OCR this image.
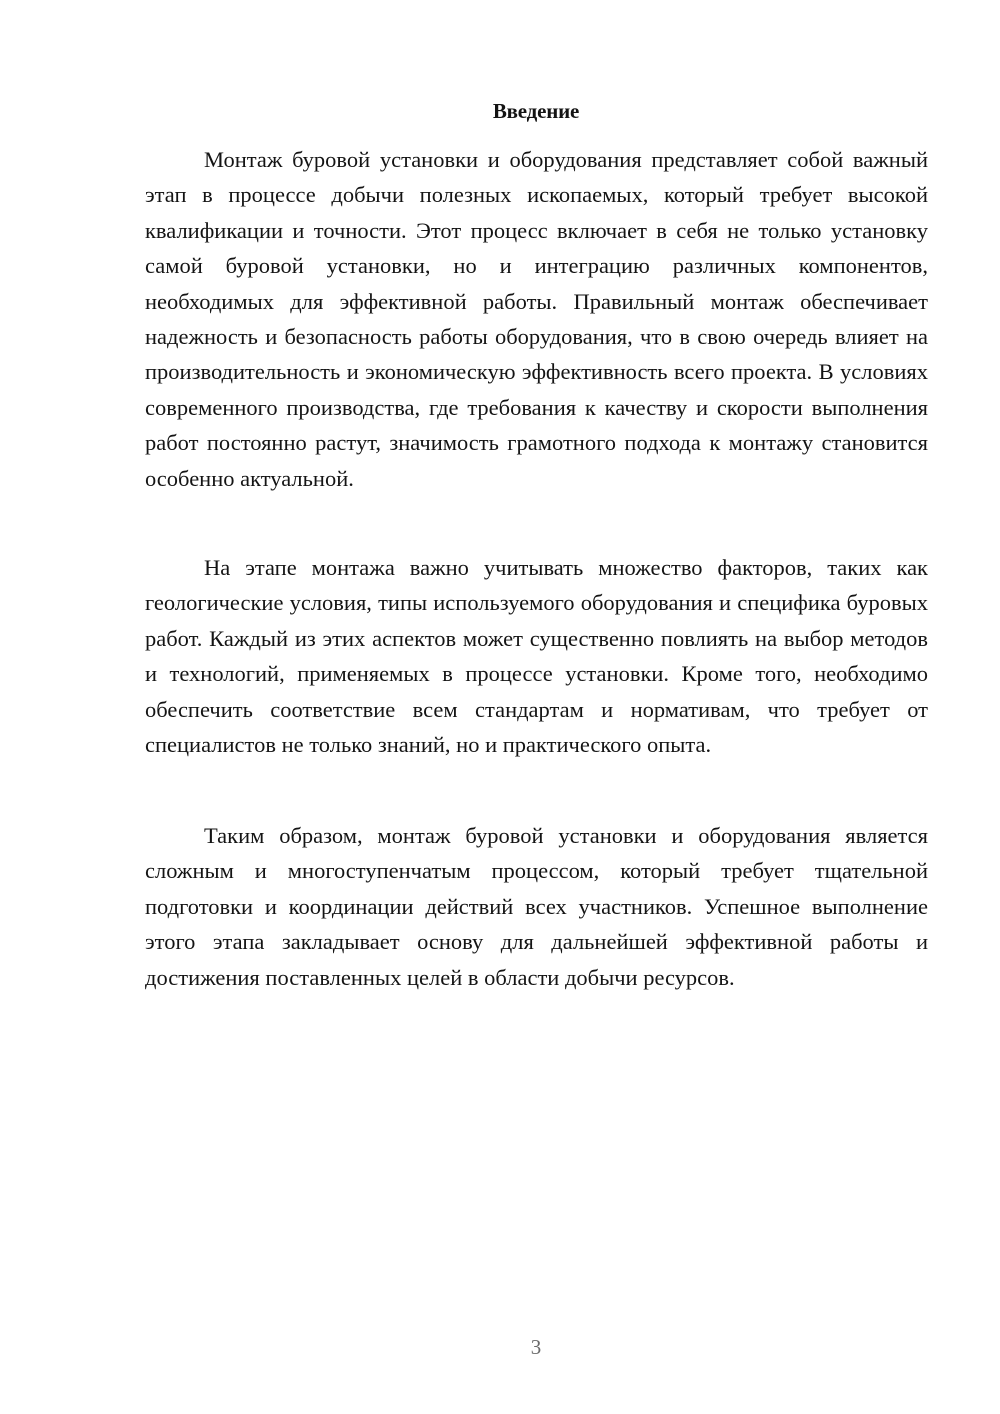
Введение

Монтаж буровой установки и оборудования представляет собой важный этап в процессе добычи полезных ископаемых, который требует высокой квалификации и точности. Этот процесс включает в себя не только установку самой буровой установки, но и интеграцию различных компонентов, необходимых для эффективной работы. Правильный монтаж обеспечивает надежность и безопасность работы оборудования, что в свою очередь влияет на производительность и экономическую эффективность всего проекта. В условиях современного производства, где требования к качеству и скорости выполнения работ постоянно растут, значимость грамотного подхода к монтажу становится особенно актуальной.

На этапе монтажа важно учитывать множество факторов, таких как геологические условия, типы используемого оборудования и специфика буровых работ. Каждый из этих аспектов может существенно повлиять на выбор методов и технологий, применяемых в процессе установки. Кроме того, необходимо обеспечить соответствие всем стандартам и нормативам, что требует от специалистов не только знаний, но и практического опыта.

Таким образом, монтаж буровой установки и оборудования является сложным и многоступенчатым процессом, который требует тщательной подготовки и координации действий всех участников. Успешное выполнение этого этапа закладывает основу для дальнейшей эффективной работы и достижения поставленных целей в области добычи ресурсов.

3
